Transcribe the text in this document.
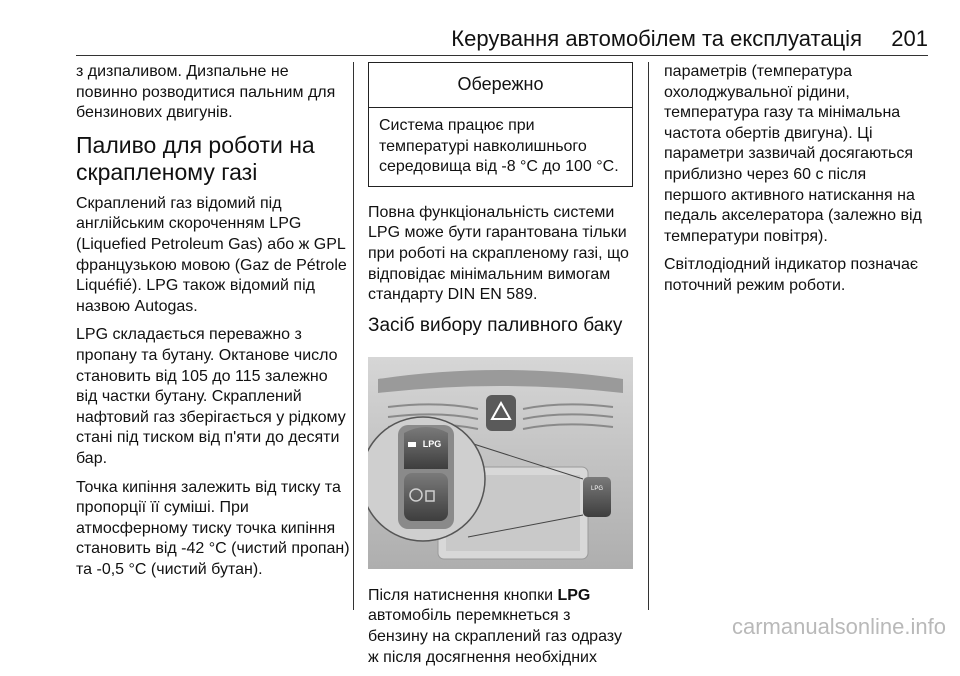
Керування автомобілем та експлуатація 201

з дизпаливом. Дизпальне не повинно розводитися пальним для бензинових двигунів.

Паливо для роботи на скрапленому газі

Скраплений газ відомий під англійським скороченням LPG (Liquefied Petroleum Gas) або ж GPL французькою мовою (Gaz de Pétrole Liquéfié). LPG також відомий під назвою Autogas.

LPG складається переважно з пропану та бутану. Октанове число становить від 105 до 115 залежно від частки бутану. Скраплений нафтовий газ зберігається у рідкому стані під тиском від п'яти до десяти бар.

Точка кипіння залежить від тиску та пропорції її суміші. При атмосферному тиску точка кипіння становить від -42 °C (чистий пропан) та -0,5 °C (чистий бутан).

Обережно

Система працює при температурі навколишнього середовища від -8 °C до 100 °C.

Повна функціональність системи LPG може бути гарантована тільки при роботі на скрапленому газі, що відповідає мінімальним вимогам стандарту DIN EN 589.

Засіб вибору паливного баку
LPG
LPG

Після натиснення кнопки LPG автомобіль перемкнеться з бензину на скраплений газ одразу ж після досягнення необхідних

параметрів (температура охолоджувальної рідини, температура газу та мінімальна частота обертів двигуна). Ці параметри зазвичай досягаються приблизно через 60 с після першого активного натискання на педаль акселератора (залежно від температури повітря).

Світлодіодний індикатор позначає поточний режим роботи.

carmanualsonline.info
